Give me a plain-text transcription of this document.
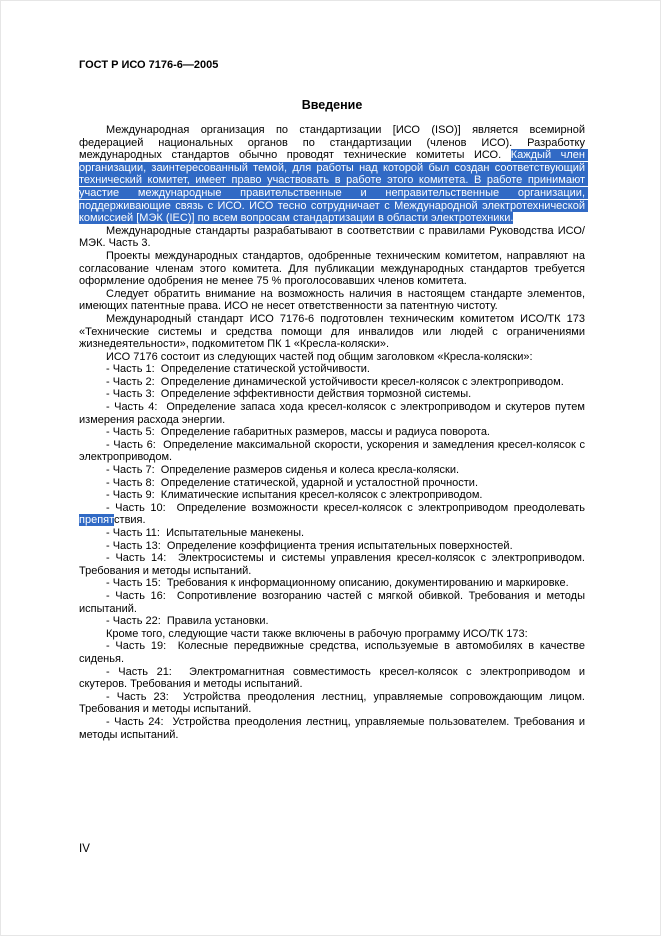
ГОСТ Р ИСО 7176-6—2005
Введение

Международная организация по стандартизации [ИСО (ISO)] является всемирной федерацией национальных органов по стандартизации (членов ИСО). Разработку международных стандартов обычно проводят технические комитеты ИСО. Каждый член организации, заинтересованный темой, для работы над которой был создан соответствующий технический комитет, имеет право участвовать в работе этого комитета. В работе принимают участие международные правительственные и неправительственные организации, поддерживающие связь с ИСО. ИСО тесно сотрудничает с Международной электротехнической комиссией [МЭК (IEC)] по всем вопросам стандартизации в области электротехники.

Международные стандарты разрабатывают в соответствии с правилами Руководства ИСО/МЭК. Часть 3.

Проекты международных стандартов, одобренные техническим комитетом, направляют на согласование членам этого комитета. Для публикации международных стандартов требуется оформление одобрения не менее 75 % проголосовавших членов комитета.

Следует обратить внимание на возможность наличия в настоящем стандарте элементов, имеющих патентные права. ИСО не несет ответственности за патентную чистоту.

Международный стандарт ИСО 7176-6 подготовлен техническим комитетом ИСО/ТК 173 «Технические системы и средства помощи для инвалидов или людей с ограничениями жизнедеятельности», подкомитетом ПК 1 «Кресла-коляски».

ИСО 7176 состоит из следующих частей под общим заголовком «Кресла-коляски»:

- Часть 1:  Определение статической устойчивости.

- Часть 2:  Определение динамической устойчивости кресел-колясок с электроприводом.

- Часть 3:  Определение эффективности действия тормозной системы.

- Часть 4:  Определение запаса хода кресел-колясок с электроприводом и скутеров путем измерения расхода энергии.

- Часть 5:  Определение габаритных размеров, массы и радиуса поворота.

- Часть 6:  Определение максимальной скорости, ускорения и замедления кресел-колясок с электроприводом.

- Часть 7:  Определение размеров сиденья и колеса кресла-коляски.

- Часть 8:  Определение статической, ударной и усталостной прочности.

- Часть 9:  Климатические испытания кресел-колясок с электроприводом.

- Часть 10:  Определение возможности кресел-колясок с электроприводом преодолевать препятствия.

- Часть 11:  Испытательные манекены.

- Часть 13:  Определение коэффициента трения испытательных поверхностей.

- Часть 14:  Электросистемы и системы управления кресел-колясок с электроприводом. Требования и методы испытаний.

- Часть 15:  Требования к информационному описанию, документированию и маркировке.

- Часть 16:  Сопротивление возгоранию частей с мягкой обивкой. Требования и методы испытаний.

- Часть 22:  Правила установки.

Кроме того, следующие части также включены в рабочую программу ИСО/ТК 173:

- Часть 19:  Колесные передвижные средства, используемые в автомобилях в качестве сиденья.

- Часть 21:  Электромагнитная совместимость кресел-колясок с электроприводом и скутеров. Требования и методы испытаний.

- Часть 23:  Устройства преодоления лестниц, управляемые сопровождающим лицом. Требования и методы испытаний.

- Часть 24:  Устройства преодоления лестниц, управляемые пользователем. Требования и методы испытаний.

IV
